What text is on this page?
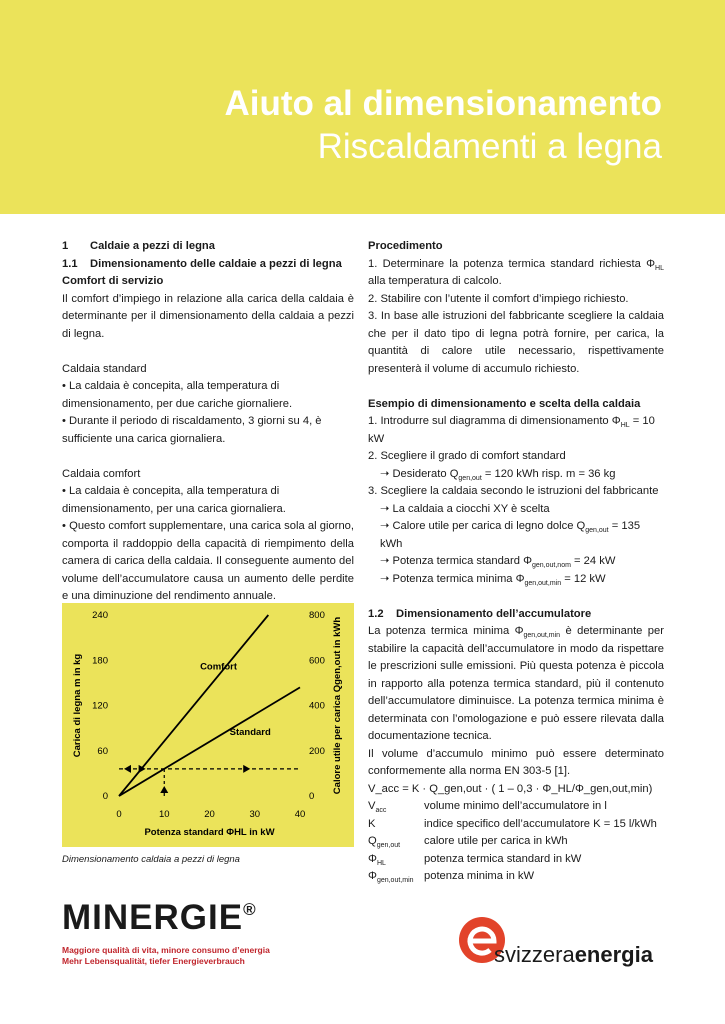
Aiuto al dimensionamento
Riscaldamenti a legna

1 Caldaie a pezzi di legna

1.1 Dimensionamento delle caldaie a pezzi di legna

Comfort di servizio

Il comfort d’impiego in relazione alla carica della caldaia è determinante per il dimensionamento della caldaia a pezzi di legna.

Caldaia standard

• La caldaia è concepita, alla temperatura di dimensionamento, per due cariche giornaliere.

• Durante il periodo di riscaldamento, 3 giorni su 4, è sufficiente una carica giornaliera.

Caldaia comfort

• La caldaia è concepita, alla temperatura di dimensionamento, per una carica giornaliera.

• Questo comfort supplementare, una carica sola al giorno, comporta il raddoppio della capacità di riempimento della camera di carica della caldaia. Il conseguente aumento del volume dell’accumulatore causa un aumento delle perdite e una diminuzione del rendimento annuale.

0	10	20	30	40
0
60
120
180
240
0
200
400
600
800
Comfort
Standard
Potenza standard ΦHL in kW
Carica di legna m in kg	Calore utile per carica Qgen,out in kWh
Dimensionamento caldaia a pezzi di legna

Procedimento

1. Determinare la potenza termica standard richiesta $\Phi_{HL}$ alla temperatura di calcolo.

2. Stabilire con l’utente il comfort d’impiego richiesto.

3. In base alle istruzioni del fabbricante scegliere la caldaia che per il dato tipo di legna potrà fornire, per carica, la quantità di calore utile necessario, rispettivamente presenterà il volume di accumulo richiesto.

Esempio di dimensionamento e scelta della caldaia

1. Introdurre sul diagramma di dimensionamento $\Phi_{HL} = 10$ kW

2. Scegliere il grado di comfort standard

➝ Desiderato $Q_{gen,out} = 120$ kWh risp. m = 36 kg

3. Scegliere la caldaia secondo le istruzioni del fabbricante

➝ La caldaia a ciocchi XY è scelta

➝ Calore utile per carica di legno dolce $Q_{gen,out} = 135$ kWh

➝ Potenza termica standard $\Phi_{gen,out,nom} = 24$ kW

➝ Potenza termica minima $\Phi_{gen,out,min} = 12$ kW

1.2 Dimensionamento dell’accumulatore

La potenza termica minima $\Phi_{gen,out,min}$ è determinante per stabilire la capacità dell’accumulatore in modo da rispettare le prescrizioni sulle emissioni. Più questa potenza è piccola in rapporto alla potenza termica standard, più il contenuto dell’accumulatore diminuisce. La potenza termica minima è determinata con l’omologazione e può essere rilevata dalla documentazione tecnica.

Il volume d’accumulo minimo può essere determinato conformemente alla norma EN 303-5 [1].

V_acc = K · Q_gen,out · ( 1 – 0,3 · Φ_HL/Φ_gen,out,min)

$V_{acc}$	volume minimo dell’accumulatore in l
K	indice specifico dell’accumulatore K = 15 l/kWh
$Q_{gen,out}$	calore utile per carica in kWh
$\Phi_{HL}$	potenza termica standard in kW
$\Phi_{gen,out,min}$ potenza minima in kW
MINERGIE®
Maggiore qualità di vita, minore consumo d’energia
Mehr Lebensqualität, tiefer Energieverbrauch	svizzeraenergia
